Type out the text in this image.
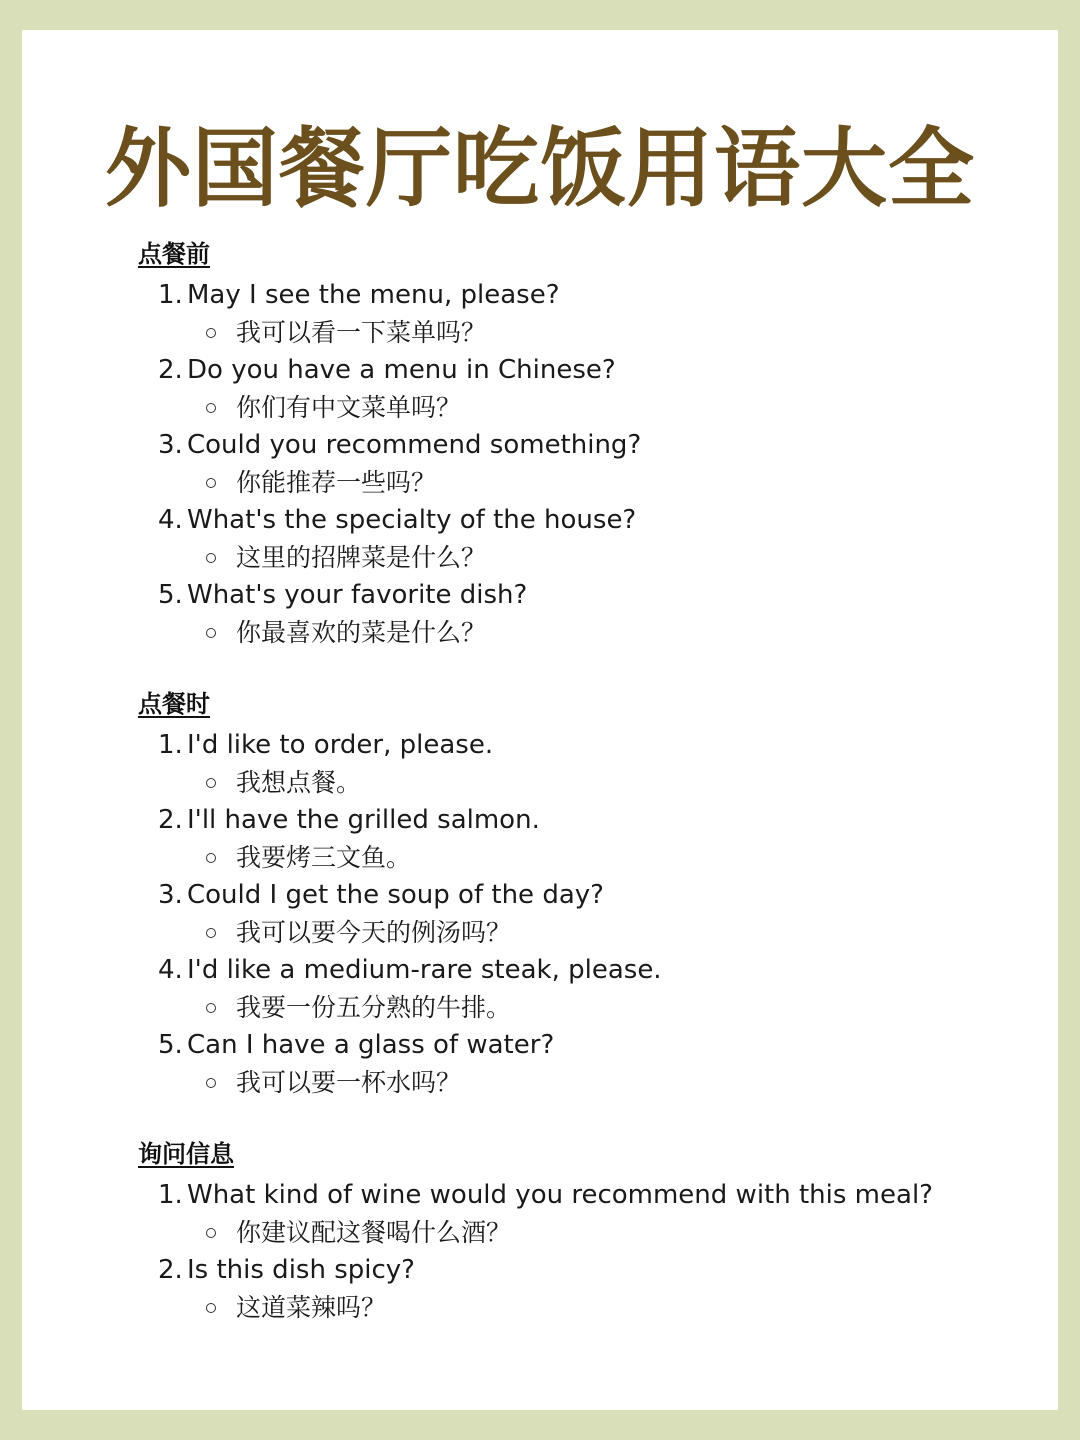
外国餐厅吃饭用语大全
点餐前
1. May I see the menu, please?
我可以看一下菜单吗？
2. Do you have a menu in Chinese?
你们有中文菜单吗？
3. Could you recommend something?
你能推荐一些吗？
4. What's the specialty of the house?
这里的招牌菜是什么？
5. What's your favorite dish?
你最喜欢的菜是什么？
点餐时
1. I'd like to order, please.
我想点餐。
2. I'll have the grilled salmon.
我要烤三文鱼。
3. Could I get the soup of the day?
我可以要今天的例汤吗？
4. I'd like a medium-rare steak, please.
我要一份五分熟的牛排。
5. Can I have a glass of water?
我可以要一杯水吗？
询问信息
1. What kind of wine would you recommend with this meal?
你建议配这餐喝什么酒？
2. Is this dish spicy?
这道菜辣吗？
